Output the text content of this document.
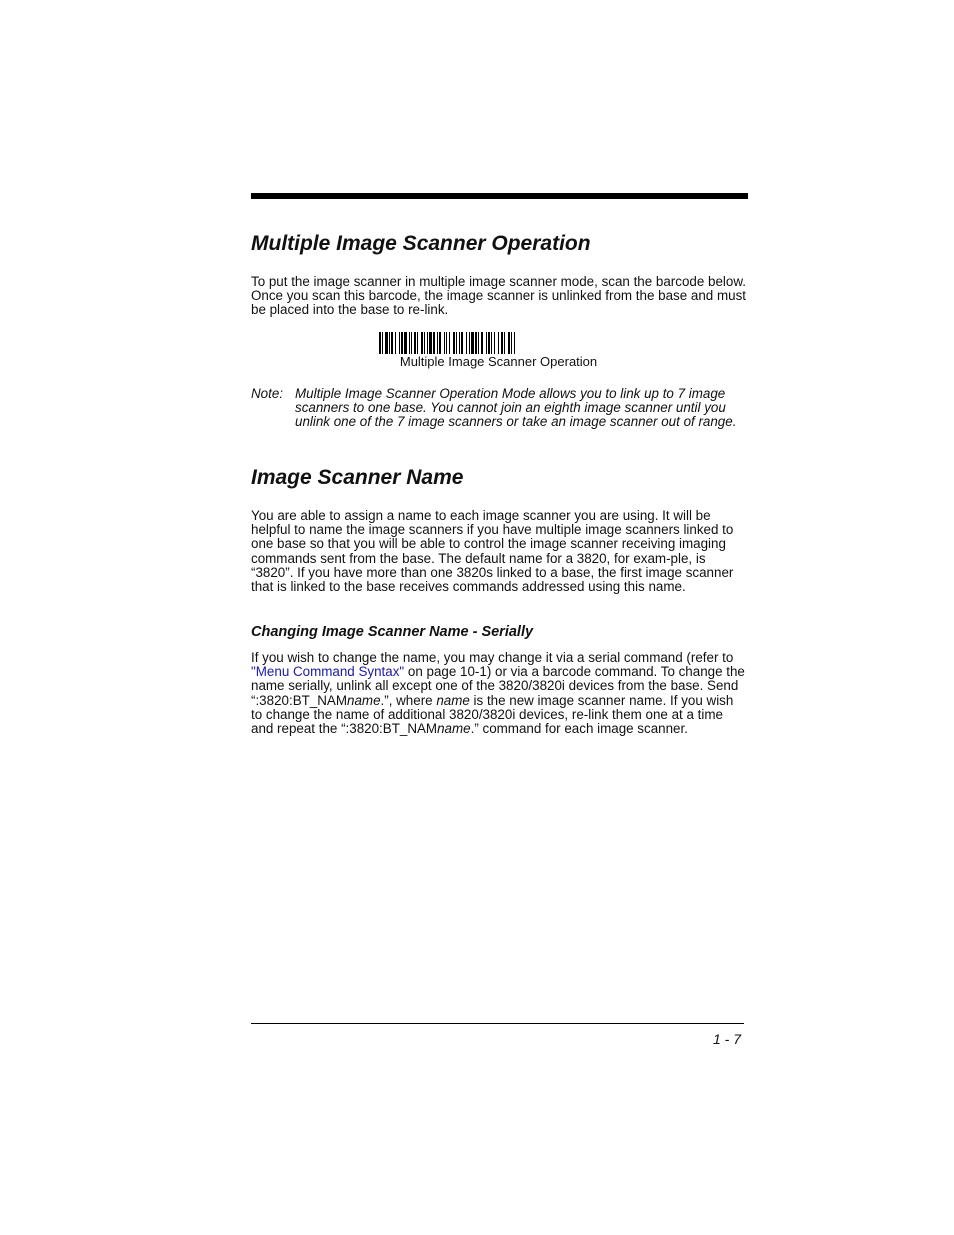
Multiple Image Scanner Operation

To put the image scanner in multiple image scanner mode, scan the barcode below. Once you scan this barcode, the image scanner is unlinked from the base and must be placed into the base to re-link.

Multiple Image Scanner Operation
Note: Multiple Image Scanner Operation Mode allows you to link up to 7 image scanners to one base. You cannot join an eighth image scanner until you unlink one of the 7 image scanners or take an image scanner out of range.

Image Scanner Name

You are able to assign a name to each image scanner you are using. It will be helpful to name the image scanners if you have multiple image scanners linked to one base so that you will be able to control the image scanner receiving imaging commands sent from the base. The default name for a 3820, for exam-ple, is “3820”. If you have more than one 3820s linked to a base, the first image scanner that is linked to the base receives commands addressed using this name.

Changing Image Scanner Name - Serially

If you wish to change the name, you may change it via a serial command (refer to "Menu Command Syntax" on page 10-1) or via a barcode command. To change the name serially, unlink all except one of the 3820/3820i devices from the base. Send “:3820:BT_NAMname.”, where name is the new image scanner name. If you wish to change the name of additional 3820/3820i devices, re-link them one at a time and repeat the “:3820:BT_NAMname.” command for each image scanner.

1 - 7
